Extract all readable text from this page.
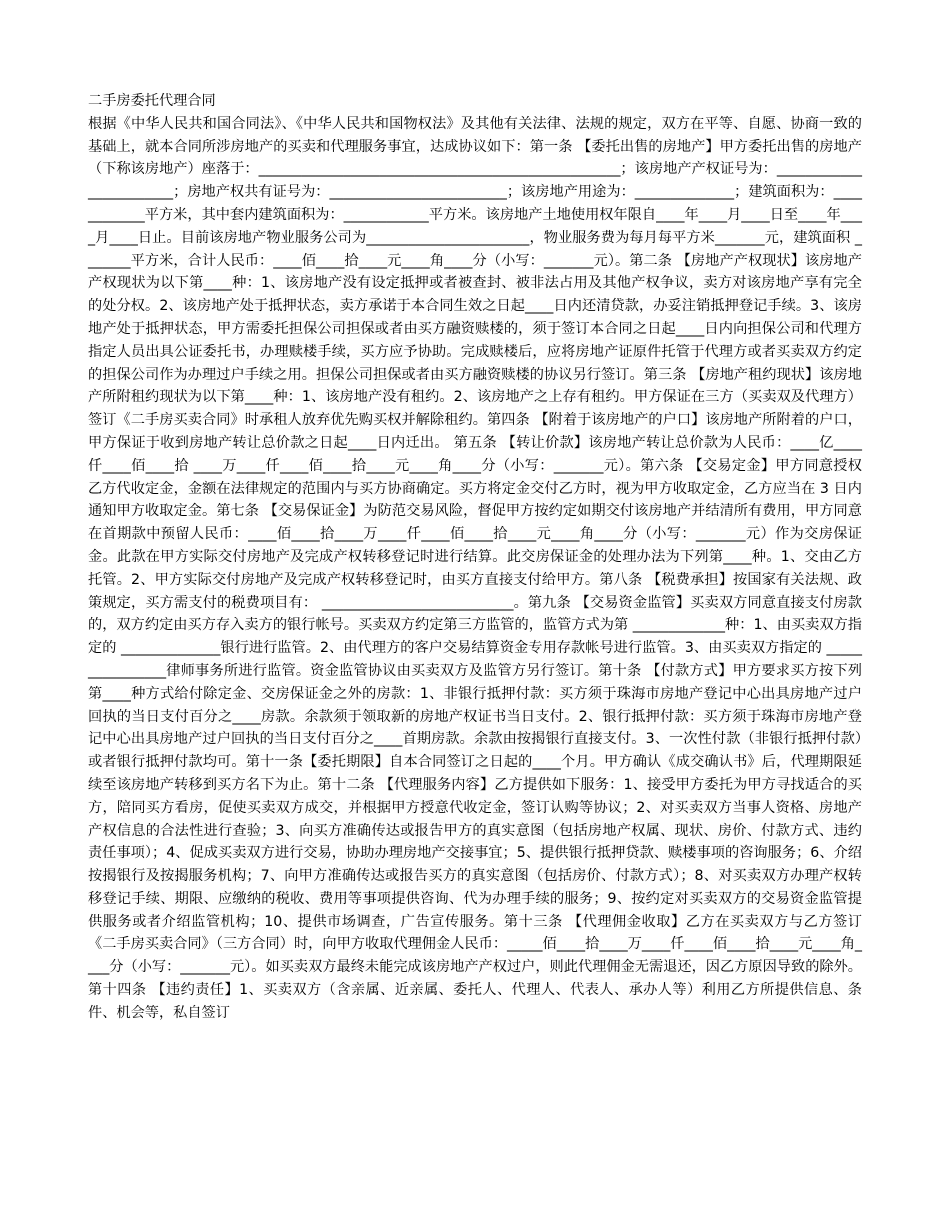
二手房委托代理合同
根据《中华人民共和国合同法》、《中华人民共和国物权法》及其他有关法律、法规的规定，双方在平等、自愿、协商一致的基础上，就本合同所涉房地产的买卖和代理服务事宜，达成协议如下：第一条 【委托出售的房地产】甲方委托出售的房地产（下称该房地产）座落于：___________________________________________________；该房地产产权证号为：________________________；房地产权共有证号为：_________________________；该房地产用途为：______________；建筑面积为：____________平方米，其中套内建筑面积为：____________平方米。该房地产土地使用权年限自____年____月____日至____年____月____日止。目前该房地产物业服务公司为_______________________，物业服务费为每月每平方米_______元，建筑面积 _______平方米，合计人民币：____佰____拾____元____角____分（小写：_______元）。第二条 【房地产产权现状】该房地产产权现状为以下第____种：1、该房地产没有设定抵押或者被查封、被非法占用及其他产权争议，卖方对该房地产享有完全的处分权。2、该房地产处于抵押状态，卖方承诺于本合同生效之日起____日内还清贷款，办妥注销抵押登记手续。3、该房地产处于抵押状态，甲方需委托担保公司担保或者由买方融资赎楼的，须于签订本合同之日起____日内向担保公司和代理方指定人员出具公证委托书，办理赎楼手续，买方应予协助。完成赎楼后，应将房地产证原件托管于代理方或者买卖双方约定的担保公司作为办理过户手续之用。担保公司担保或者由买方融资赎楼的协议另行签订。第三条 【房地产租约现状】该房地产所附租约现状为以下第____种：1、该房地产没有租约。2、该房地产之上存有租约。甲方保证在三方（买卖双及代理方）签订《二手房买卖合同》时承租人放弃优先购买权并解除租约。第四条 【附着于该房地产的户口】该房地产所附着的户口，甲方保证于收到房地产转让总价款之日起____日内迁出。 第五条 【转让价款】该房地产转让总价款为人民币：____亿____仟____佰____拾 ____万____仟____佰____拾____元____角____分（小写：_______元）。第六条 【交易定金】甲方同意授权乙方代收定金，金额在法律规定的范围内与买方协商确定。买方将定金交付乙方时，视为甲方收取定金，乙方应当在 3 日内通知甲方收取定金。第七条 【交易保证金】为防范交易风险，督促甲方按约定如期交付该房地产并结清所有费用，甲方同意在首期款中预留人民币：____佰____拾____万____仟____佰____拾____元____角____分（小写：_______元）作为交房保证金。此款在甲方实际交付房地产及完成产权转移登记时进行结算。此交房保证金的处理办法为下列第____种。1、交由乙方托管。2、甲方实际交付房地产及完成产权转移登记时，由买方直接支付给甲方。第八条 【税费承担】按国家有关法规、政策规定，买方需支付的税费项目有： ___________________________。第九条 【交易资金监管】买卖双方同意直接支付房款的，双方约定由买方存入卖方的银行帐号。买卖双方约定第三方监管的，监管方式为第 _____________种：1、由买卖双方指定的 ______________银行进行监管。2、由代理方的客户交易结算资金专用存款帐号进行监管。3、由买卖双方指定的 ________________律师事务所进行监管。资金监管协议由买卖双方及监管方另行签订。第十条 【付款方式】甲方要求买方按下列第____种方式给付除定金、交房保证金之外的房款：1、非银行抵押付款：买方须于珠海市房地产登记中心出具房地产过户回执的当日支付百分之____房款。余款须于领取新的房地产权证书当日支付。2、银行抵押付款：买方须于珠海市房地产登记中心出具房地产过户回执的当日支付百分之____首期房款。余款由按揭银行直接支付。3、一次性付款（非银行抵押付款）或者银行抵押付款均可。第十一条【委托期限】自本合同签订之日起的____个月。甲方确认《成交确认书》后，代理期限延续至该房地产转移到买方名下为止。第十二条 【代理服务内容】乙方提供如下服务：1、接受甲方委托为甲方寻找适合的买方，陪同买方看房，促使买卖双方成交，并根据甲方授意代收定金，签订认购等协议；2、对买卖双方当事人资格、房地产产权信息的合法性进行查验；3、向买方准确传达或报告甲方的真实意图（包括房地产权属、现状、房价、付款方式、违约责任事项）；4、促成买卖双方进行交易，协助办理房地产交接事宜；5、提供银行抵押贷款、赎楼事项的咨询服务；6、介绍按揭银行及按揭服务机构；7、向甲方准确传达或报告买方的真实意图（包括房价、付款方式）；8、对买卖双方办理产权转移登记手续、期限、应缴纳的税收、费用等事项提供咨询、代为办理手续的服务；9、按约定对买卖双方的交易资金监管提供服务或者介绍监管机构；10、提供市场调查，广告宣传服务。第十三条 【代理佣金收取】乙方在买卖双方与乙方签订《二手房买卖合同》（三方合同）时，向甲方收取代理佣金人民币：_____佰____拾____万____仟____佰____拾____元____角____分（小写：_______元）。如买卖双方最终未能完成该房地产产权过户，则此代理佣金无需退还，因乙方原因导致的除外。第十四条 【违约责任】1、买卖双方（含亲属、近亲属、委托人、代理人、代表人、承办人等）利用乙方所提供信息、条件、机会等，私自签订
